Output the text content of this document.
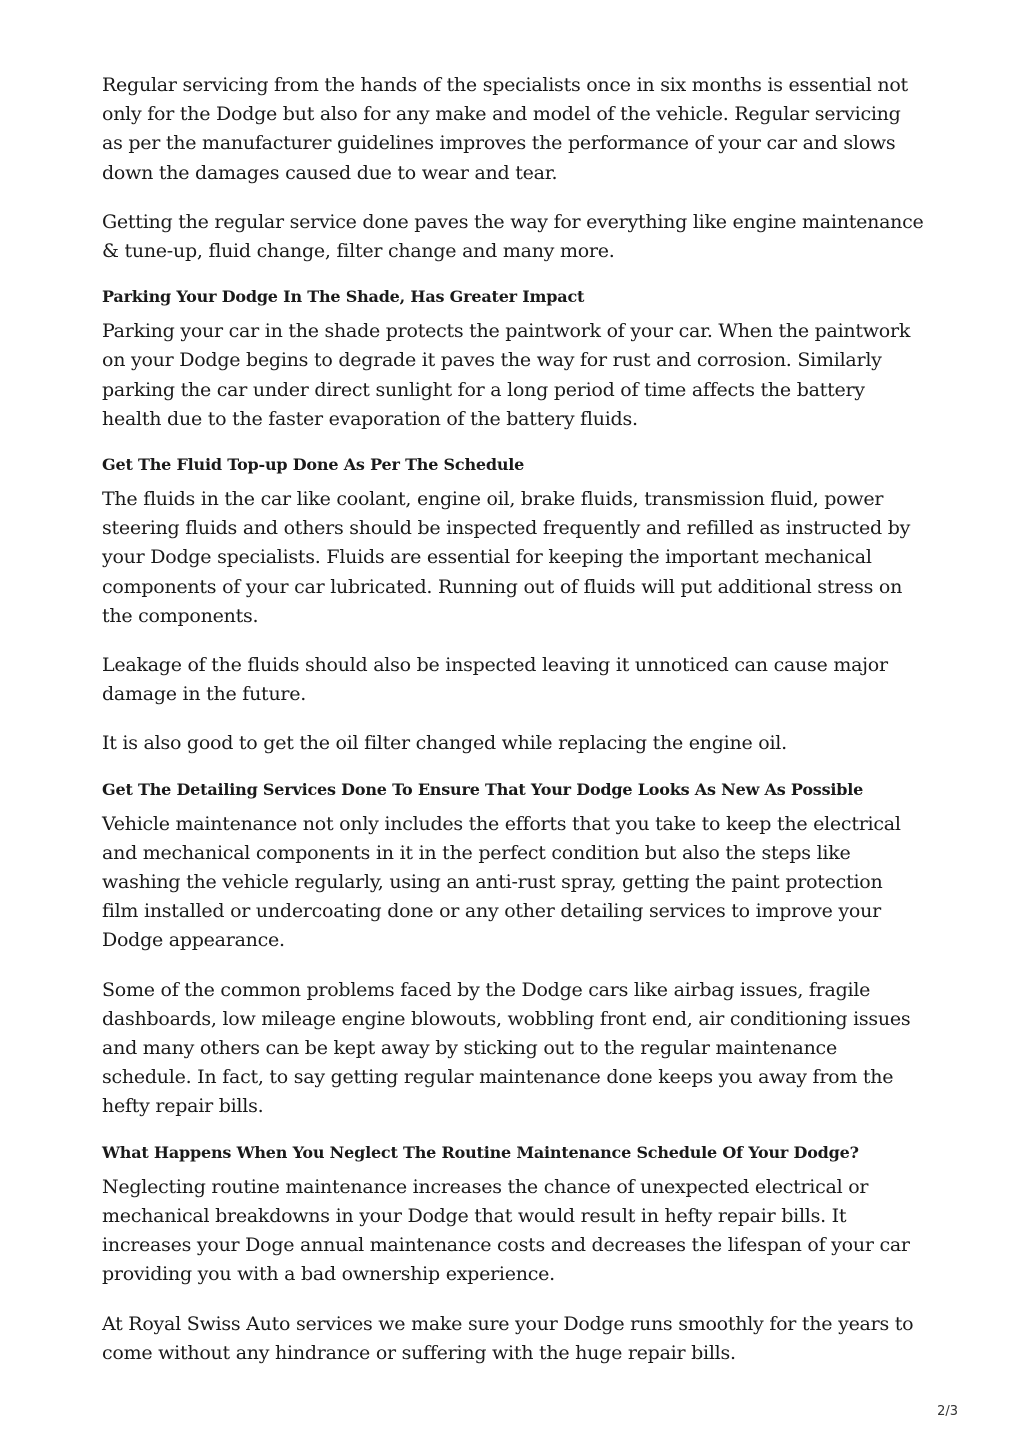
Regular servicing from the hands of the specialists once in six months is essential not only for the Dodge but also for any make and model of the vehicle. Regular servicing as per the manufacturer guidelines improves the performance of your car and slows down the damages caused due to wear and tear.

Getting the regular service done paves the way for everything like engine maintenance & tune-up, fluid change, filter change and many more.

Parking Your Dodge In The Shade, Has Greater Impact

Parking your car in the shade protects the paintwork of your car. When the paintwork on your Dodge begins to degrade it paves the way for rust and corrosion. Similarly parking the car under direct sunlight for a long period of time affects the battery health due to the faster evaporation of the battery fluids.

Get The Fluid Top-up Done As Per The Schedule

The fluids in the car like coolant, engine oil, brake fluids, transmission fluid, power steering fluids and others should be inspected frequently and refilled as instructed by your Dodge specialists. Fluids are essential for keeping the important mechanical components of your car lubricated. Running out of fluids will put additional stress on the components.

Leakage of the fluids should also be inspected leaving it unnoticed can cause major damage in the future.

It is also good to get the oil filter changed while replacing the engine oil.

Get The Detailing Services Done To Ensure That Your Dodge Looks As New As Possible

Vehicle maintenance not only includes the efforts that you take to keep the electrical and mechanical components in it in the perfect condition but also the steps like washing the vehicle regularly, using an anti-rust spray, getting the paint protection film installed or undercoating done or any other detailing services to improve your Dodge appearance.

Some of the common problems faced by the Dodge cars like airbag issues, fragile dashboards, low mileage engine blowouts, wobbling front end, air conditioning issues and many others can be kept away by sticking out to the regular maintenance schedule. In fact, to say getting regular maintenance done keeps you away from the hefty repair bills.

What Happens When You Neglect The Routine Maintenance Schedule Of Your Dodge?

Neglecting routine maintenance increases the chance of unexpected electrical or mechanical breakdowns in your Dodge that would result in hefty repair bills. It increases your Doge annual maintenance costs and decreases the lifespan of your car providing you with a bad ownership experience.

At Royal Swiss Auto services we make sure your Dodge runs smoothly for the years to come without any hindrance or suffering with the huge repair bills.

2/3
